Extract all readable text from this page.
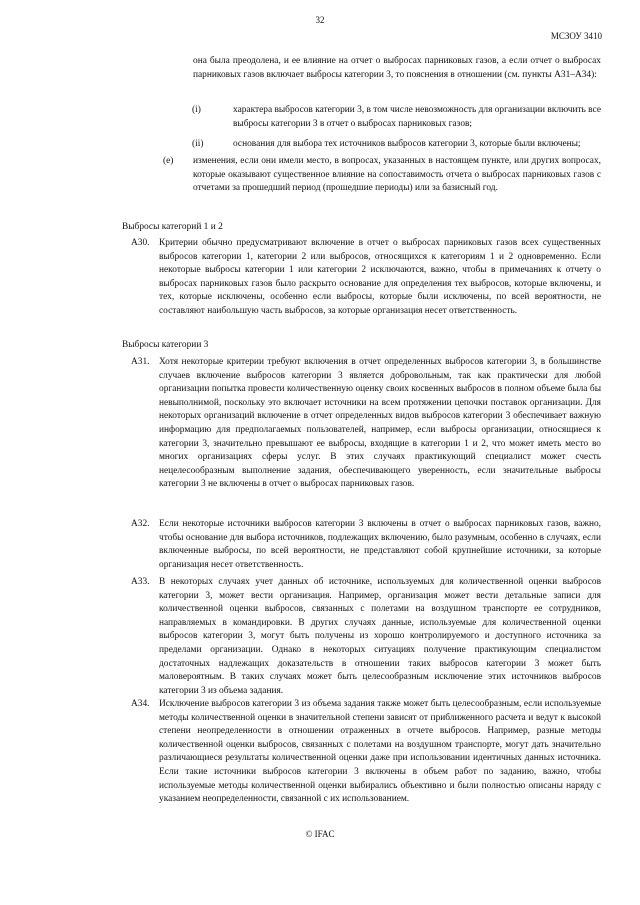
32
МСЗОУ 3410

она была преодолена, и ее влияние на отчет о выбросах парниковых газов, а если отчет о выбросах парниковых газов включает выбросы категории 3, то пояснения в отношении (см. пункты А31–А34):

(i)	характера выбросов категории 3, в том числе невозможность для организации включить все выбросы категории 3 в отчет о выбросах парниковых газов;

(ii)	основания для выбора тех источников выбросов категории 3, которые были включены;

(е) изменения, если они имели место, в вопросах, указанных в настоящем пункте, или других вопросах, которые оказывают существенное влияние на сопоставимость отчета о выбросах парниковых газов с отчетами за прошедший период (прошедшие периоды) или за базисный год.

Выбросы категорий 1 и 2
А30. Критерии обычно предусматривают включение в отчет о выбросах парниковых газов всех существенных выбросов категории 1, категории 2 или выбросов, относящихся к категориям 1 и 2 одновременно. Если некоторые выбросы категории 1 или категории 2 исключаются, важно, чтобы в примечаниях к отчету о выбросах парниковых газов было раскрыто основание для определения тех выбросов, которые включены, и тех, которые исключены, особенно если выбросы, которые были исключены, по всей вероятности, не составляют наибольшую часть выбросов, за которые организация несет ответственность.

Выбросы категории 3
А31. Хотя некоторые критерии требуют включения в отчет определенных выбросов категории 3, в большинстве случаев включение выбросов категории 3 является добровольным, так как практически для любой организации попытка провести количественную оценку своих косвенных выбросов в полном объеме была бы невыполнимой, поскольку это включает источники на всем протяжении цепочки поставок организации. Для некоторых организаций включение в отчет определенных видов выбросов категории 3 обеспечивает важную информацию для предполагаемых пользователей, например, если выбросы организации, относящиеся к категории 3, значительно превышают ее выбросы, входящие в категории 1 и 2, что может иметь место во многих организациях сферы услуг. В этих случаях практикующий специалист может счесть нецелесообразным выполнение задания, обеспечивающего уверенность, если значительные выбросы категории 3 не включены в отчет о выбросах парниковых газов.

А32. Если некоторые источники выбросов категории 3 включены в отчет о выбросах парниковых газов, важно, чтобы основание для выбора источников, подлежащих включению, было разумным, особенно в случаях, если включенные выбросы, по всей вероятности, не представляют собой крупнейшие источники, за которые организация несет ответственность.

А33. В некоторых случаях учет данных об источнике, используемых для количественной оценки выбросов категории 3, может вести организация. Например, организация может вести детальные записи для количественной оценки выбросов, связанных с полетами на воздушном транспорте ее сотрудников, направляемых в командировки. В других случаях данные, используемые для количественной оценки выбросов категории 3, могут быть получены из хорошо контролируемого и доступного источника за пределами организации. Однако в некоторых ситуациях получение практикующим специалистом достаточных надлежащих доказательств в отношении таких выбросов категории 3 может быть маловероятным. В таких случаях может быть целесообразным исключение этих источников выбросов категории 3 из объема задания.

А34. Исключение выбросов категории 3 из объема задания также может быть целесообразным, если используемые методы количественной оценки в значительной степени зависят от приближенного расчета и ведут к высокой степени неопределенности в отношении отраженных в отчете выбросов. Например, разные методы количественной оценки выбросов, связанных с полетами на воздушном транспорте, могут дать значительно различающиеся результаты количественной оценки даже при использовании идентичных данных источника. Если такие источники выбросов категории 3 включены в объем работ по заданию, важно, чтобы используемые методы количественной оценки выбирались объективно и были полностью описаны наряду с указанием неопределенности, связанной с их использованием.

© IFAC
